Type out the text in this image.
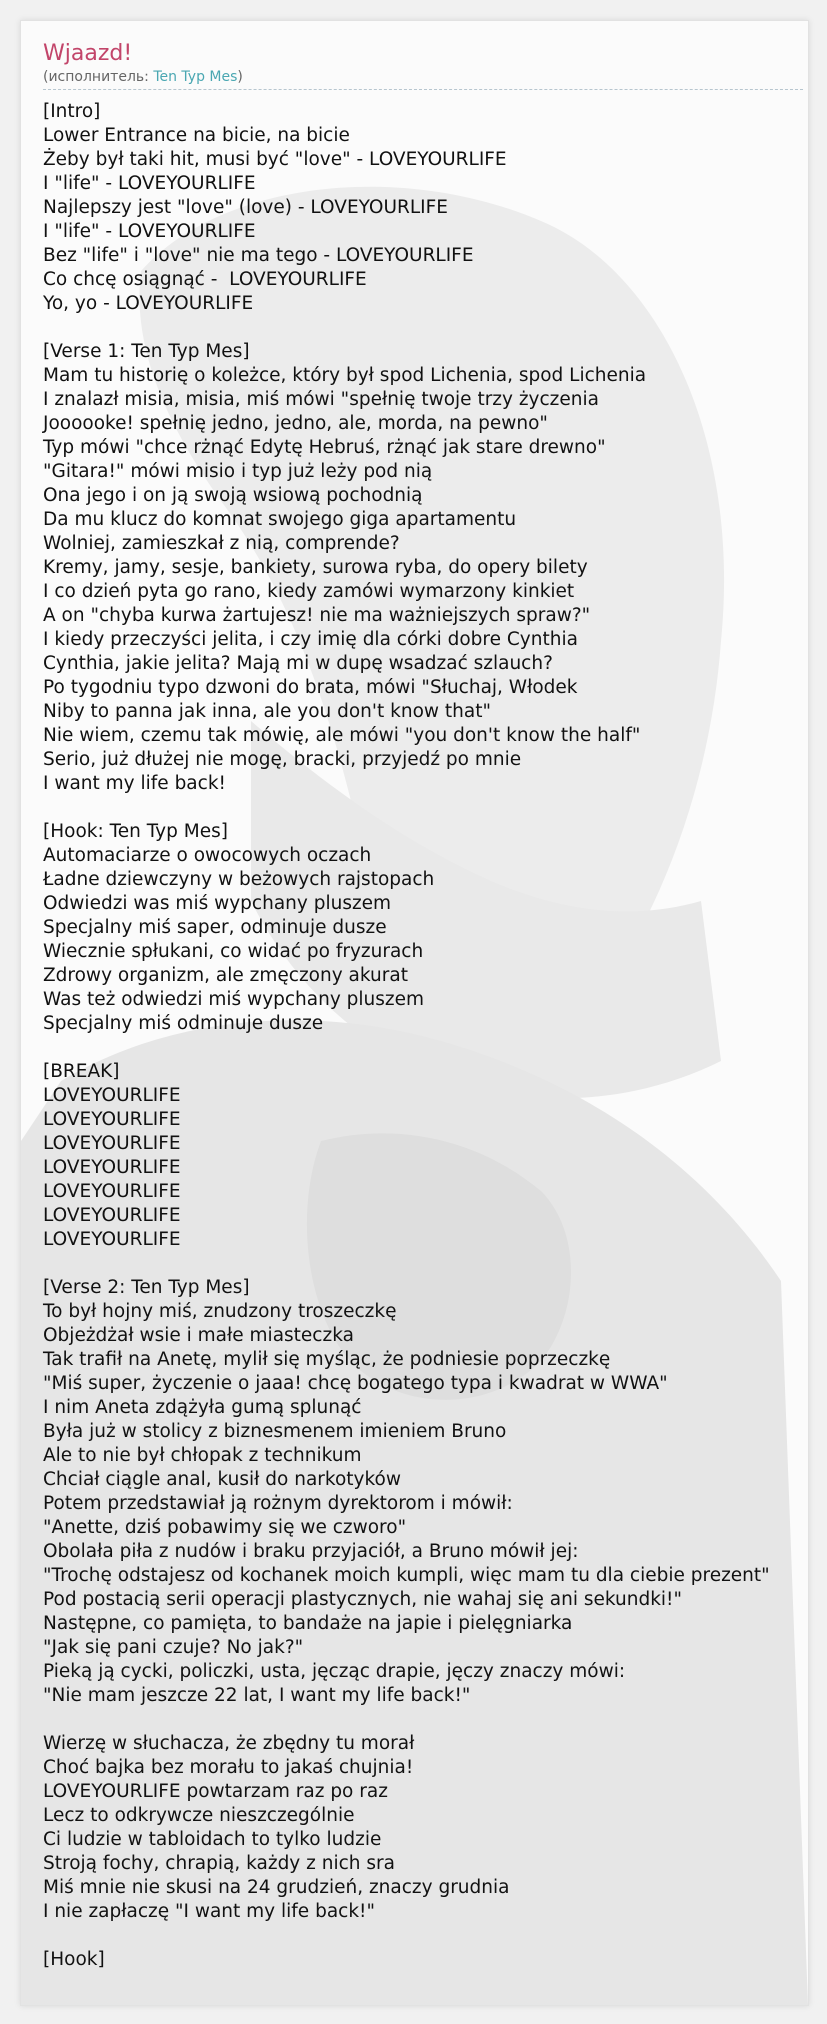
Wjaazd!
(исполнитель: Ten Typ Mes)
[Intro]
Lower Entrance na bicie, na bicie
Żeby był taki hit, musi być "love" - LOVEYOURLIFE
I "life" - LOVEYOURLIFE
Najlepszy jest "love" (love) - LOVEYOURLIFE
I "life" - LOVEYOURLIFE
Bez "life" i "love" nie ma tego - LOVEYOURLIFE
Co chcę osiągnąć -  LOVEYOURLIFE
Yo, yo - LOVEYOURLIFE
[Verse 1: Ten Typ Mes]
Mam tu historię o koleżce, który był spod Lichenia, spod Lichenia
I znalazł misia, misia, miś mówi "spełnię twoje trzy życzenia
Joooooke! spełnię jedno, jedno, ale, morda, na pewno"
Typ mówi "chce rżnąć Edytę Hebruś, rżnąć jak stare drewno"
"Gitara!" mówi misio i typ już leży pod nią
Ona jego i on ją swoją wsiową pochodnią
Da mu klucz do komnat swojego giga apartamentu
Wolniej, zamieszkał z nią, comprende?
Kremy, jamy, sesje, bankiety, surowa ryba, do opery bilety
I co dzień pyta go rano, kiedy zamówi wymarzony kinkiet
A on "chyba kurwa żartujesz! nie ma ważniejszych spraw?"
I kiedy przeczyści jelita, i czy imię dla córki dobre Cynthia
Cynthia, jakie jelita? Mają mi w dupę wsadzać szlauch?
Po tygodniu typo dzwoni do brata, mówi "Słuchaj, Włodek
Niby to panna jak inna, ale you don't know that"
Nie wiem, czemu tak mówię, ale mówi "you don't know the half"
Serio, już dłużej nie mogę, bracki, przyjedź po mnie
I want my life back!
[Hook: Ten Typ Mes]
Automaciarze o owocowych oczach
Ładne dziewczyny w beżowych rajstopach
Odwiedzi was miś wypchany pluszem
Specjalny miś saper, odminuje dusze
Wiecznie spłukani, co widać po fryzurach
Zdrowy organizm, ale zmęczony akurat
Was też odwiedzi miś wypchany pluszem
Specjalny miś odminuje dusze
[BREAK]
LOVEYOURLIFE
LOVEYOURLIFE
LOVEYOURLIFE
LOVEYOURLIFE
LOVEYOURLIFE
LOVEYOURLIFE
LOVEYOURLIFE
[Verse 2: Ten Typ Mes]
To był hojny miś, znudzony troszeczkę
Objeżdżał wsie i małe miasteczka
Tak trafił na Anetę, mylił się myśląc, że podniesie poprzeczkę
"Miś super, życzenie o jaaa! chcę bogatego typa i kwadrat w WWA"
I nim Aneta zdążyła gumą splunąć
Była już w stolicy z biznesmenem imieniem Bruno
Ale to nie był chłopak z technikum
Chciał ciągle anal, kusił do narkotyków
Potem przedstawiał ją rożnym dyrektorom i mówił:
"Anette, dziś pobawimy się we czworo"
Obolała piła z nudów i braku przyjaciół, a Bruno mówił jej:
"Trochę odstajesz od kochanek moich kumpli, więc mam tu dla ciebie prezent"
Pod postacią serii operacji plastycznych, nie wahaj się ani sekundki!"
Następne, co pamięta, to bandaże na japie i pielęgniarka
"Jak się pani czuje? No jak?"
Pieką ją cycki, policzki, usta, jęcząc drapie, jęczy znaczy mówi:
"Nie mam jeszcze 22 lat, I want my life back!"
Wierzę w słuchacza, że zbędny tu morał
Choć bajka bez morału to jakaś chujnia!
LOVEYOURLIFE powtarzam raz po raz
Lecz to odkrywcze nieszczególnie
Ci ludzie w tabloidach to tylko ludzie
Stroją fochy, chrapią, każdy z nich sra
Miś mnie nie skusi na 24 grudzień, znaczy grudnia
I nie zapłaczę "I want my life back!"
[Hook]
